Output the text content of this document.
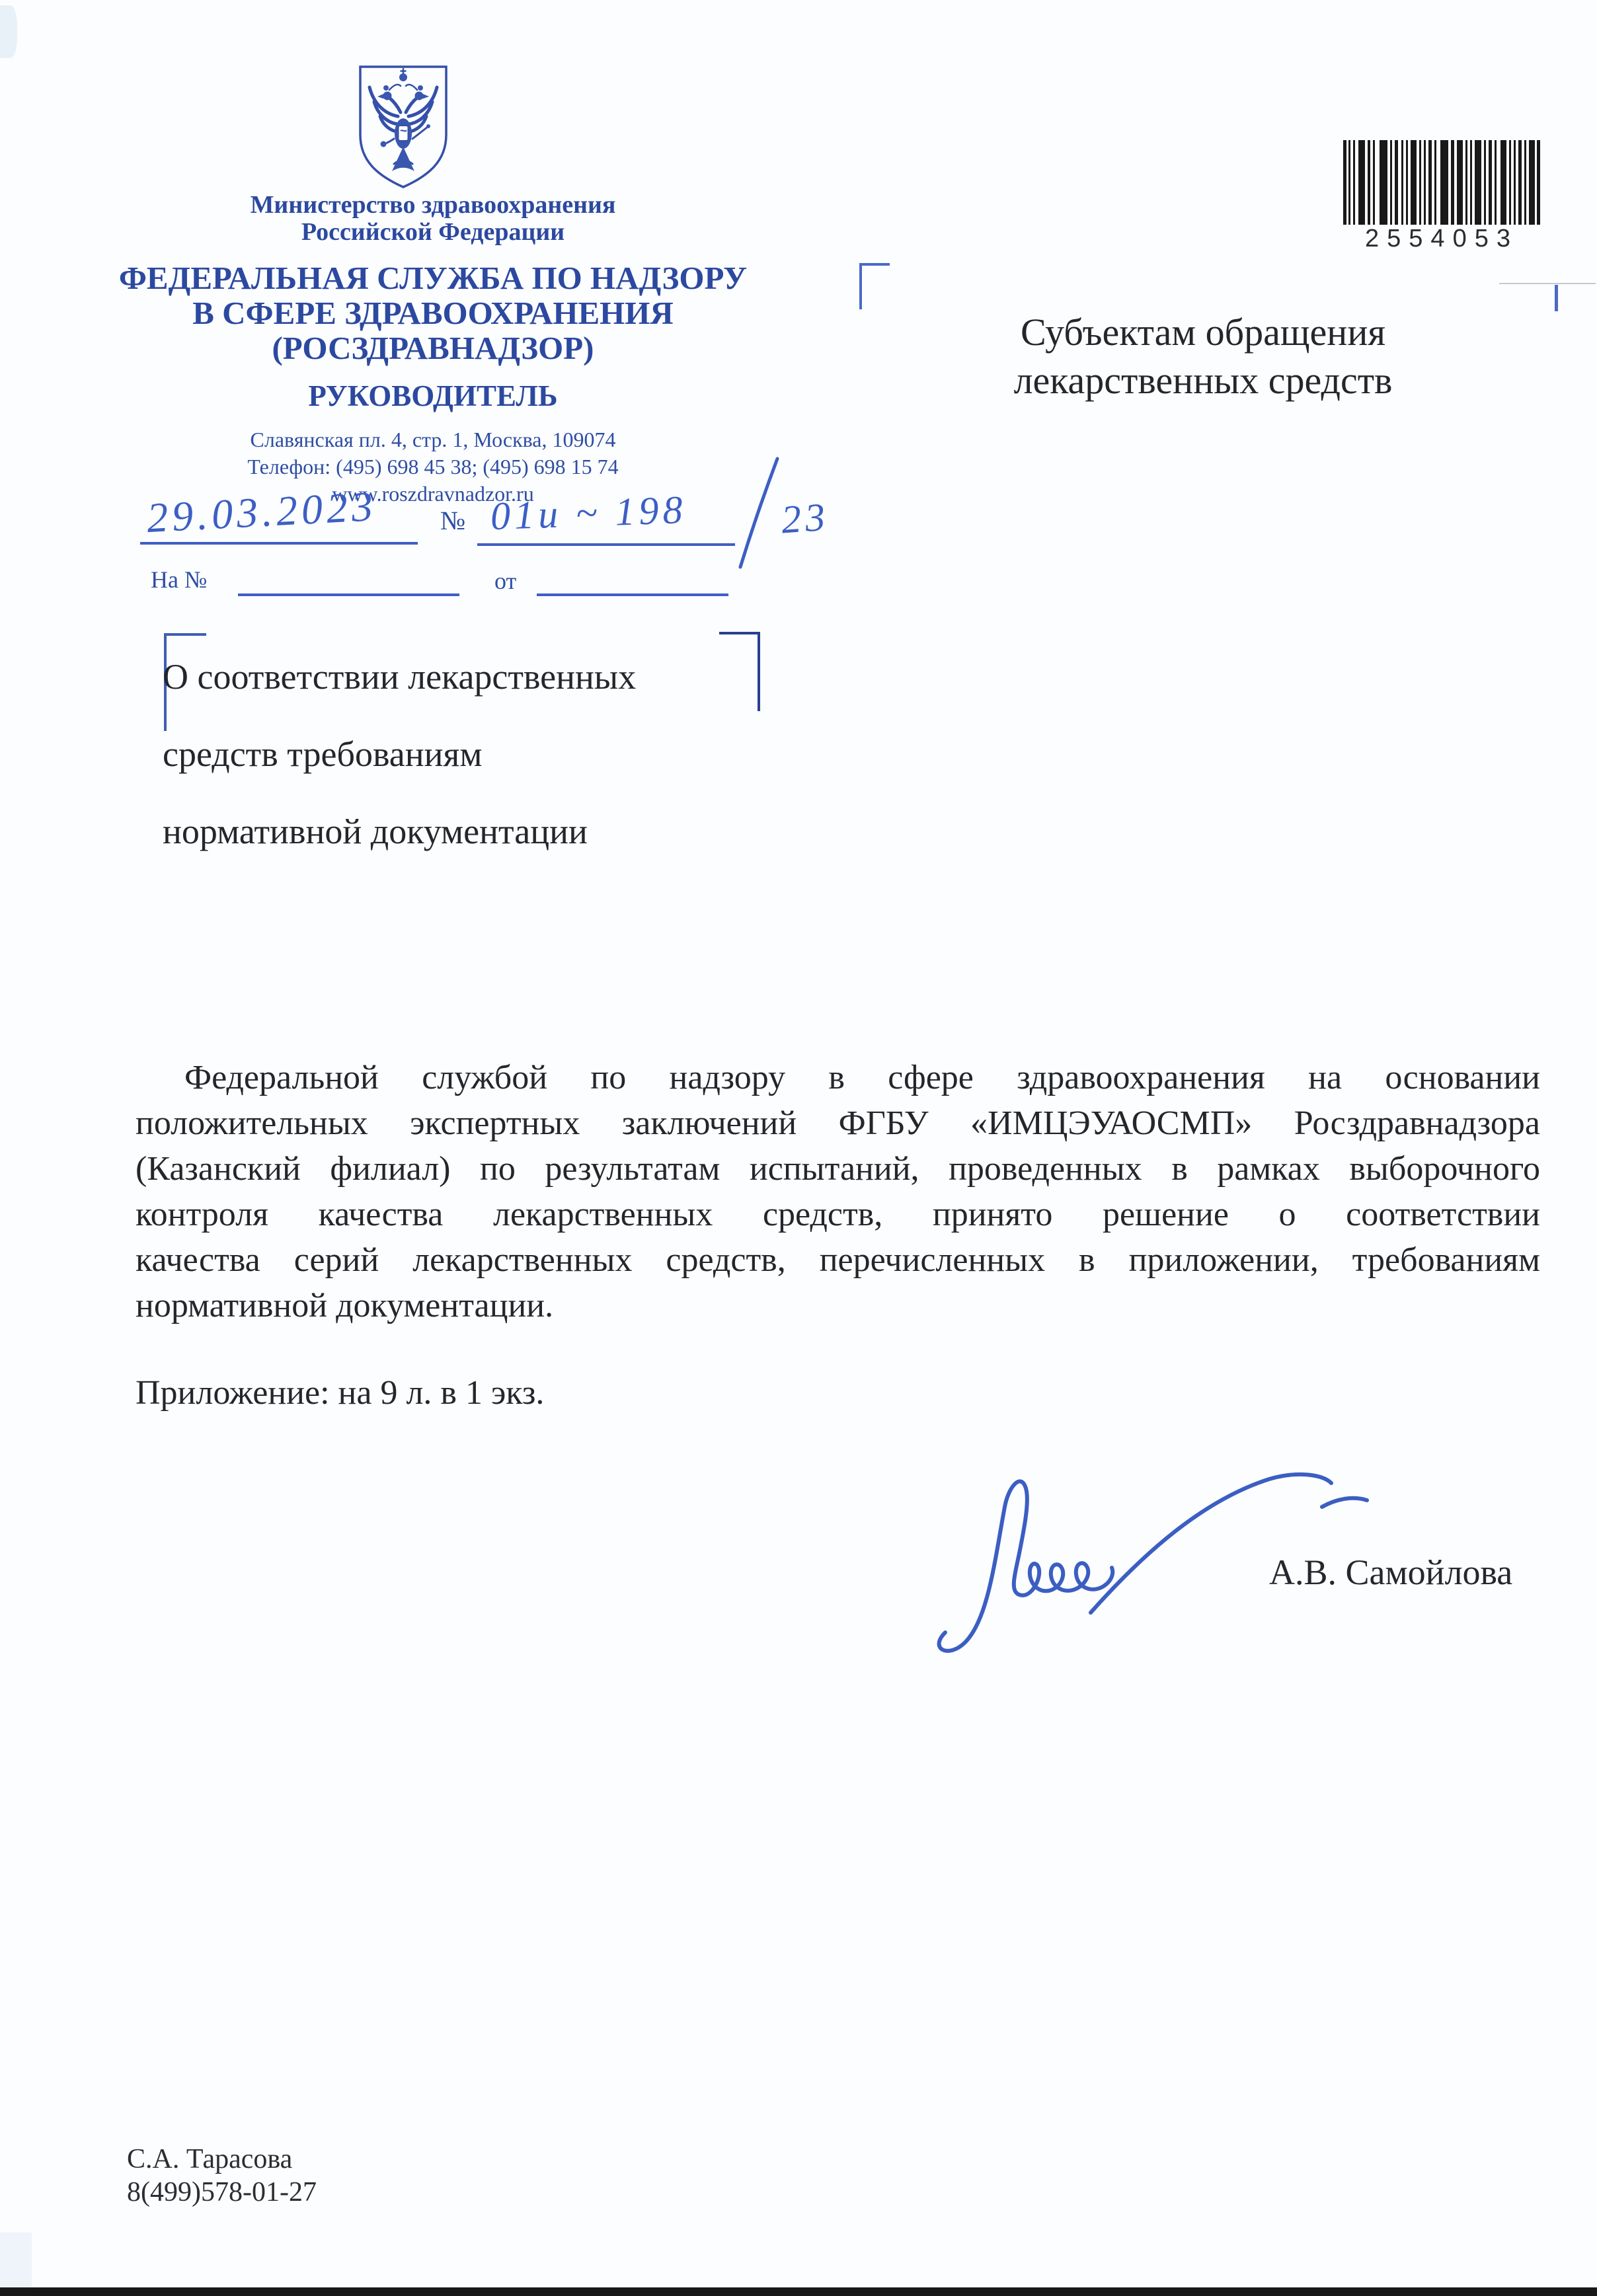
Министерство здравоохранения
Российской Федерации
ФЕДЕРАЛЬНАЯ СЛУЖБА ПО НАДЗОРУ
В СФЕРЕ ЗДРАВООХРАНЕНИЯ
(РОСЗДРАВНАДЗОР)
РУКОВОДИТЕЛЬ
Славянская пл. 4, стр. 1, Москва, 109074
Телефон: (495) 698 45 38; (495) 698 15 74
www.roszdravnadzor.ru
29.03.2023 № 01и ~ 198 23
На №	от
2554053
Субъектам обращения
лекарственных средств
О соответствии лекарственных
средств требованиям
нормативной документации
Федеральной службой по надзору в сфере здравоохранения на основании
положительных экспертных заключений ФГБУ «ИМЦЭУАОСМП» Росздравнадзора
(Казанский филиал) по результатам испытаний, проведенных в рамках выборочного
контроля качества лекарственных средств, принято решение о соответствии
качества серий лекарственных средств, перечисленных в приложении, требованиям
нормативной документации.
Приложение: на 9 л. в 1 экз.
А.В. Самойлова
С.А. Тарасова
8(499)578-01-27
